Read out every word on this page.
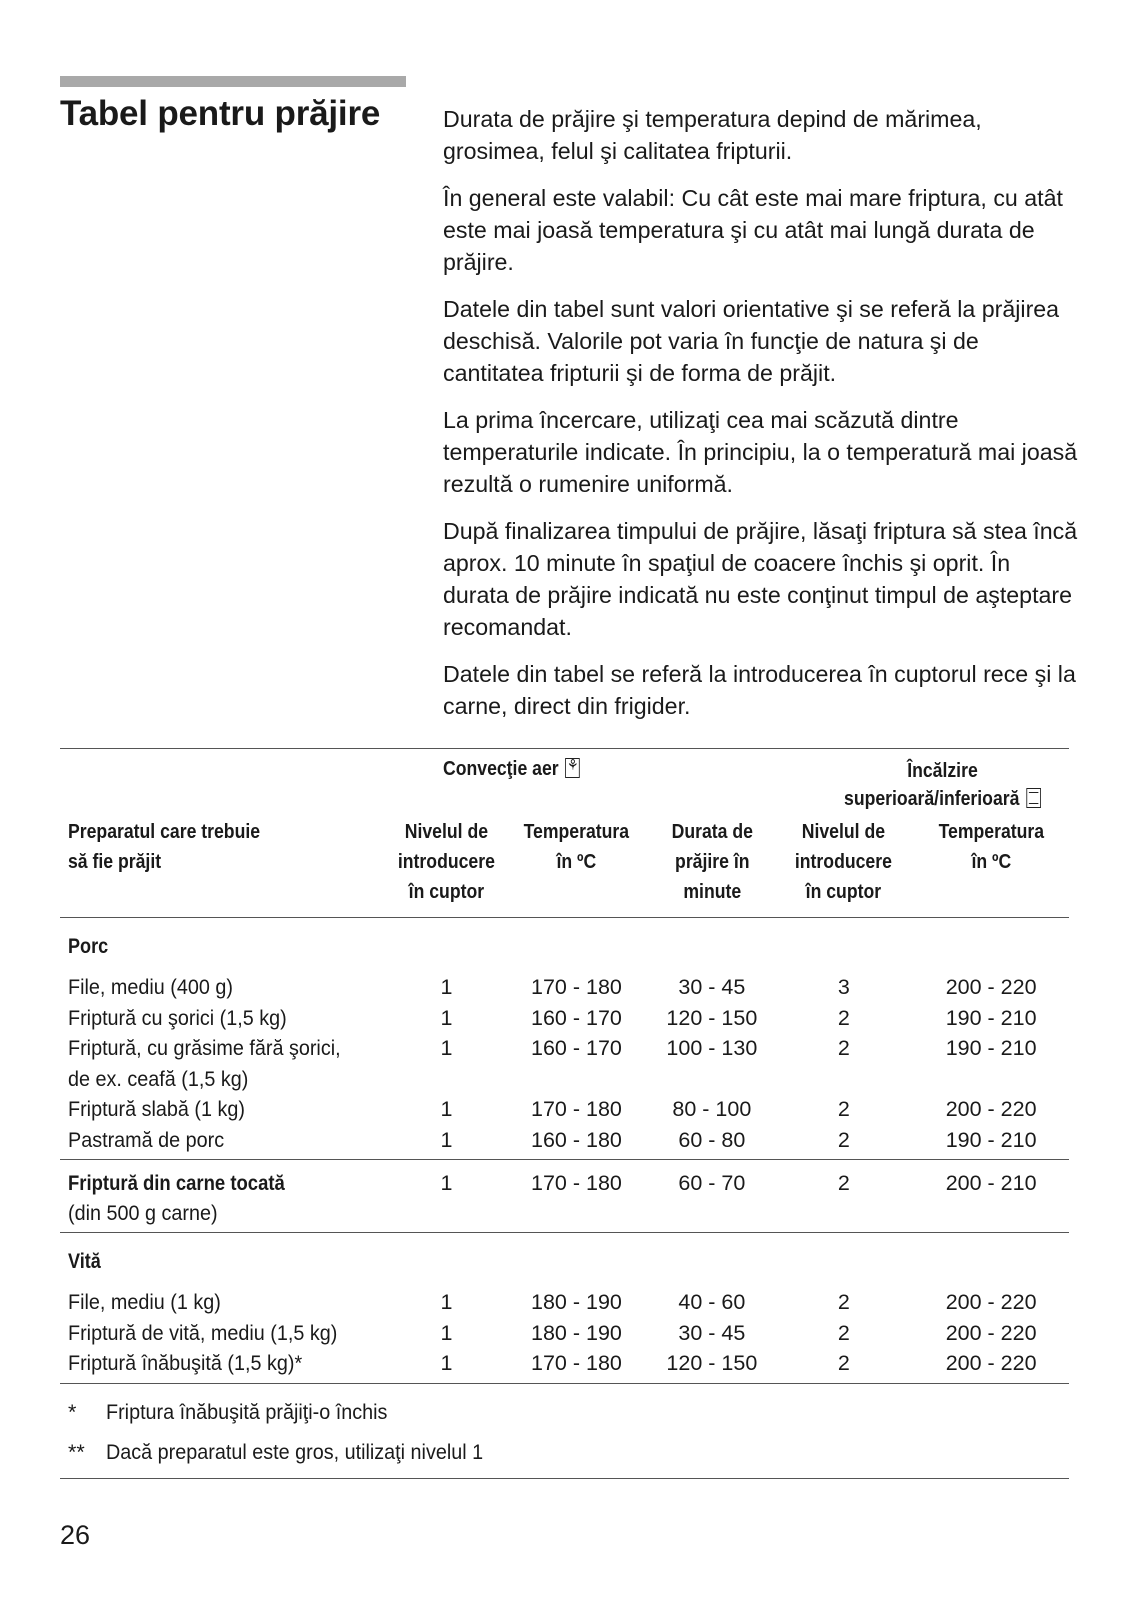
Tabel pentru prăjire	Durata de prăjire şi temperatura depind de mărimea, grosimea, felul şi calitatea fripturii.

În general este valabil: Cu cât este mai mare friptura, cu atât este mai joasă temperatura şi cu atât mai lungă durata de prăjire.

Datele din tabel sunt valori orientative şi se referă la prăjirea deschisă. Valorile pot varia în funcţie de natura şi de cantitatea fripturii şi de forma de prăjit.

La prima încercare, utilizaţi cea mai scăzută dintre temperaturile indicate. În principiu, la o temperatură mai joasă rezultă o rumenire uniformă.

După finalizarea timpului de prăjire, lăsaţi friptura să stea încă aprox. 10 minute în spaţiul de coacere închis şi oprit. În durata de prăjire indicată nu este conţinut timpul de aşteptare recomandat.

Datele din tabel se referă la introducerea în cuptorul rece şi la carne, direct din frigider.

Convecţie aer⚘	Încălzire
superioară/inferioară
Preparatul care trebuie
să fie prăjit
Nivelul de
introducere
în cuptor
Temperatura
în ºC
Durata de
prăjire în
minute
Nivelul de
introducere
în cuptor
Temperatura
în ºC
Porc
File, mediu (400 g)	1	170 - 180	30 - 45	3	200 - 220
Friptură cu şorici (1,5 kg)	1	160 - 170	120 - 150	2	190 - 210
Friptură, cu grăsime fără şorici,
de ex. ceafă (1,5 kg)
1	160 - 170	100 - 130	2	190 - 210
Friptură slabă (1 kg)	1	170 - 180	80 - 100	2	200 - 220
Pastramă de porc	1	160 - 180	60 - 80	2	190 - 210
Friptură din carne tocată
(din 500 g carne)
1	170 - 180	60 - 70	2	200 - 210
Vită
File, mediu (1 kg)	1	180 - 190	40 - 60	2	200 - 220
Friptură de vită, mediu (1,5 kg)	1	180 - 190	30 - 45	2	200 - 220
Friptură înăbuşită (1,5 kg)*	1	170 - 180	120 - 150	2	200 - 220
*	Friptura înăbuşită prăjiţi-o închis
** Dacă preparatul este gros, utilizaţi nivelul 1
26
